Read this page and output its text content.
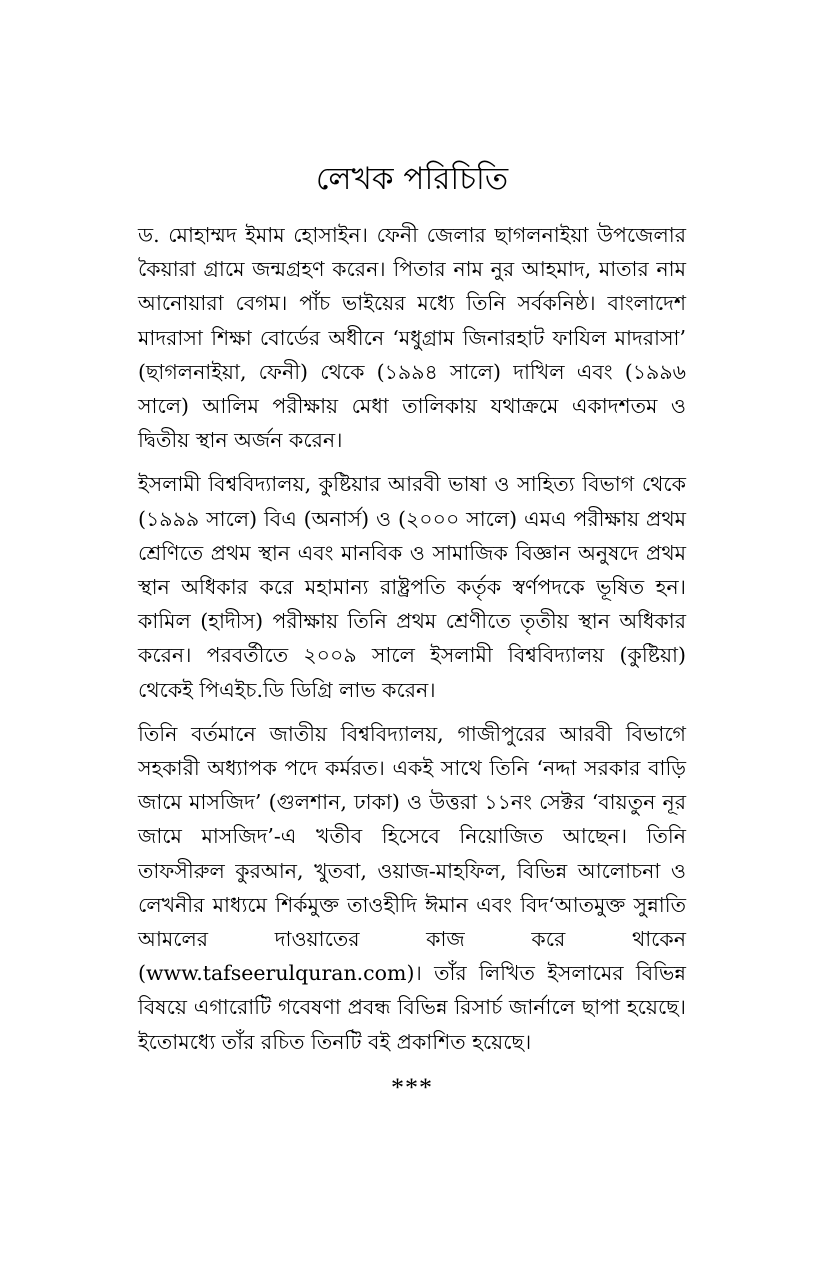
লেখক পরিচিতি

ড. মোহাম্মদ ইমাম হোসাইন। ফেনী জেলার ছাগলনাইয়া উপজেলার কৈয়ারা গ্রামে জন্মগ্রহণ করেন। পিতার নাম নুর আহমাদ, মাতার নাম আনোয়ারা বেগম। পাঁচ ভাইয়ের মধ্যে তিনি সর্বকনিষ্ঠ। বাংলাদেশ মাদরাসা শিক্ষা বোর্ডের অধীনে ‘মধুগ্রাম জিনারহাট ফাযিল মাদরাসা’ (ছাগলনাইয়া, ফেনী) থেকে (১৯৯৪ সালে) দাখিল এবং (১৯৯৬ সালে) আলিম পরীক্ষায় মেধা তালিকায় যথাক্রমে একাদশতম ও দ্বিতীয় স্থান অর্জন করেন।

ইসলামী বিশ্ববিদ্যালয়, কুষ্টিয়ার আরবী ভাষা ও সাহিত্য বিভাগ থেকে (১৯৯৯ সালে) বিএ (অনার্স) ও (২০০০ সালে) এমএ পরীক্ষায় প্রথম শ্রেণিতে প্রথম স্থান এবং মানবিক ও সামাজিক বিজ্ঞান অনুষদে প্রথম স্থান অধিকার করে মহামান্য রাষ্ট্রপতি কর্তৃক স্বর্ণপদকে ভূষিত হন। কামিল (হাদীস) পরীক্ষায় তিনি প্রথম শ্রেণীতে তৃতীয় স্থান অধিকার করেন। পরবর্তীতে ২০০৯ সালে ইসলামী বিশ্ববিদ্যালয় (কুষ্টিয়া) থেকেই পিএইচ.ডি ডিগ্রি লাভ করেন।

তিনি বর্তমানে জাতীয় বিশ্ববিদ্যালয়, গাজীপুরের আরবী বিভাগে সহকারী অধ্যাপক পদে কর্মরত। একই সাথে তিনি ‘নদ্দা সরকার বাড়ি জামে মাসজিদ’ (গুলশান, ঢাকা) ও উত্তরা ১১নং সেক্টর ‘বায়তুন নূর জামে মাসজিদ’-এ খতীব হিসেবে নিয়োজিত আছেন। তিনি তাফসীরুল কুরআন, খুতবা, ওয়াজ-মাহফিল, বিভিন্ন আলোচনা ও লেখনীর মাধ্যমে শির্কমুক্ত তাওহীদি ঈমান এবং বিদ‘আতমুক্ত সুন্নাতি আমলের দাওয়াতের কাজ করে থাকেন (www.tafseerulquran.com)। তাঁর লিখিত ইসলামের বিভিন্ন বিষয়ে এগারোটি গবেষণা প্রবন্ধ বিভিন্ন রিসার্চ জার্নালে ছাপা হয়েছে। ইতোমধ্যে তাঁর রচিত তিনটি বই প্রকাশিত হয়েছে।

***
